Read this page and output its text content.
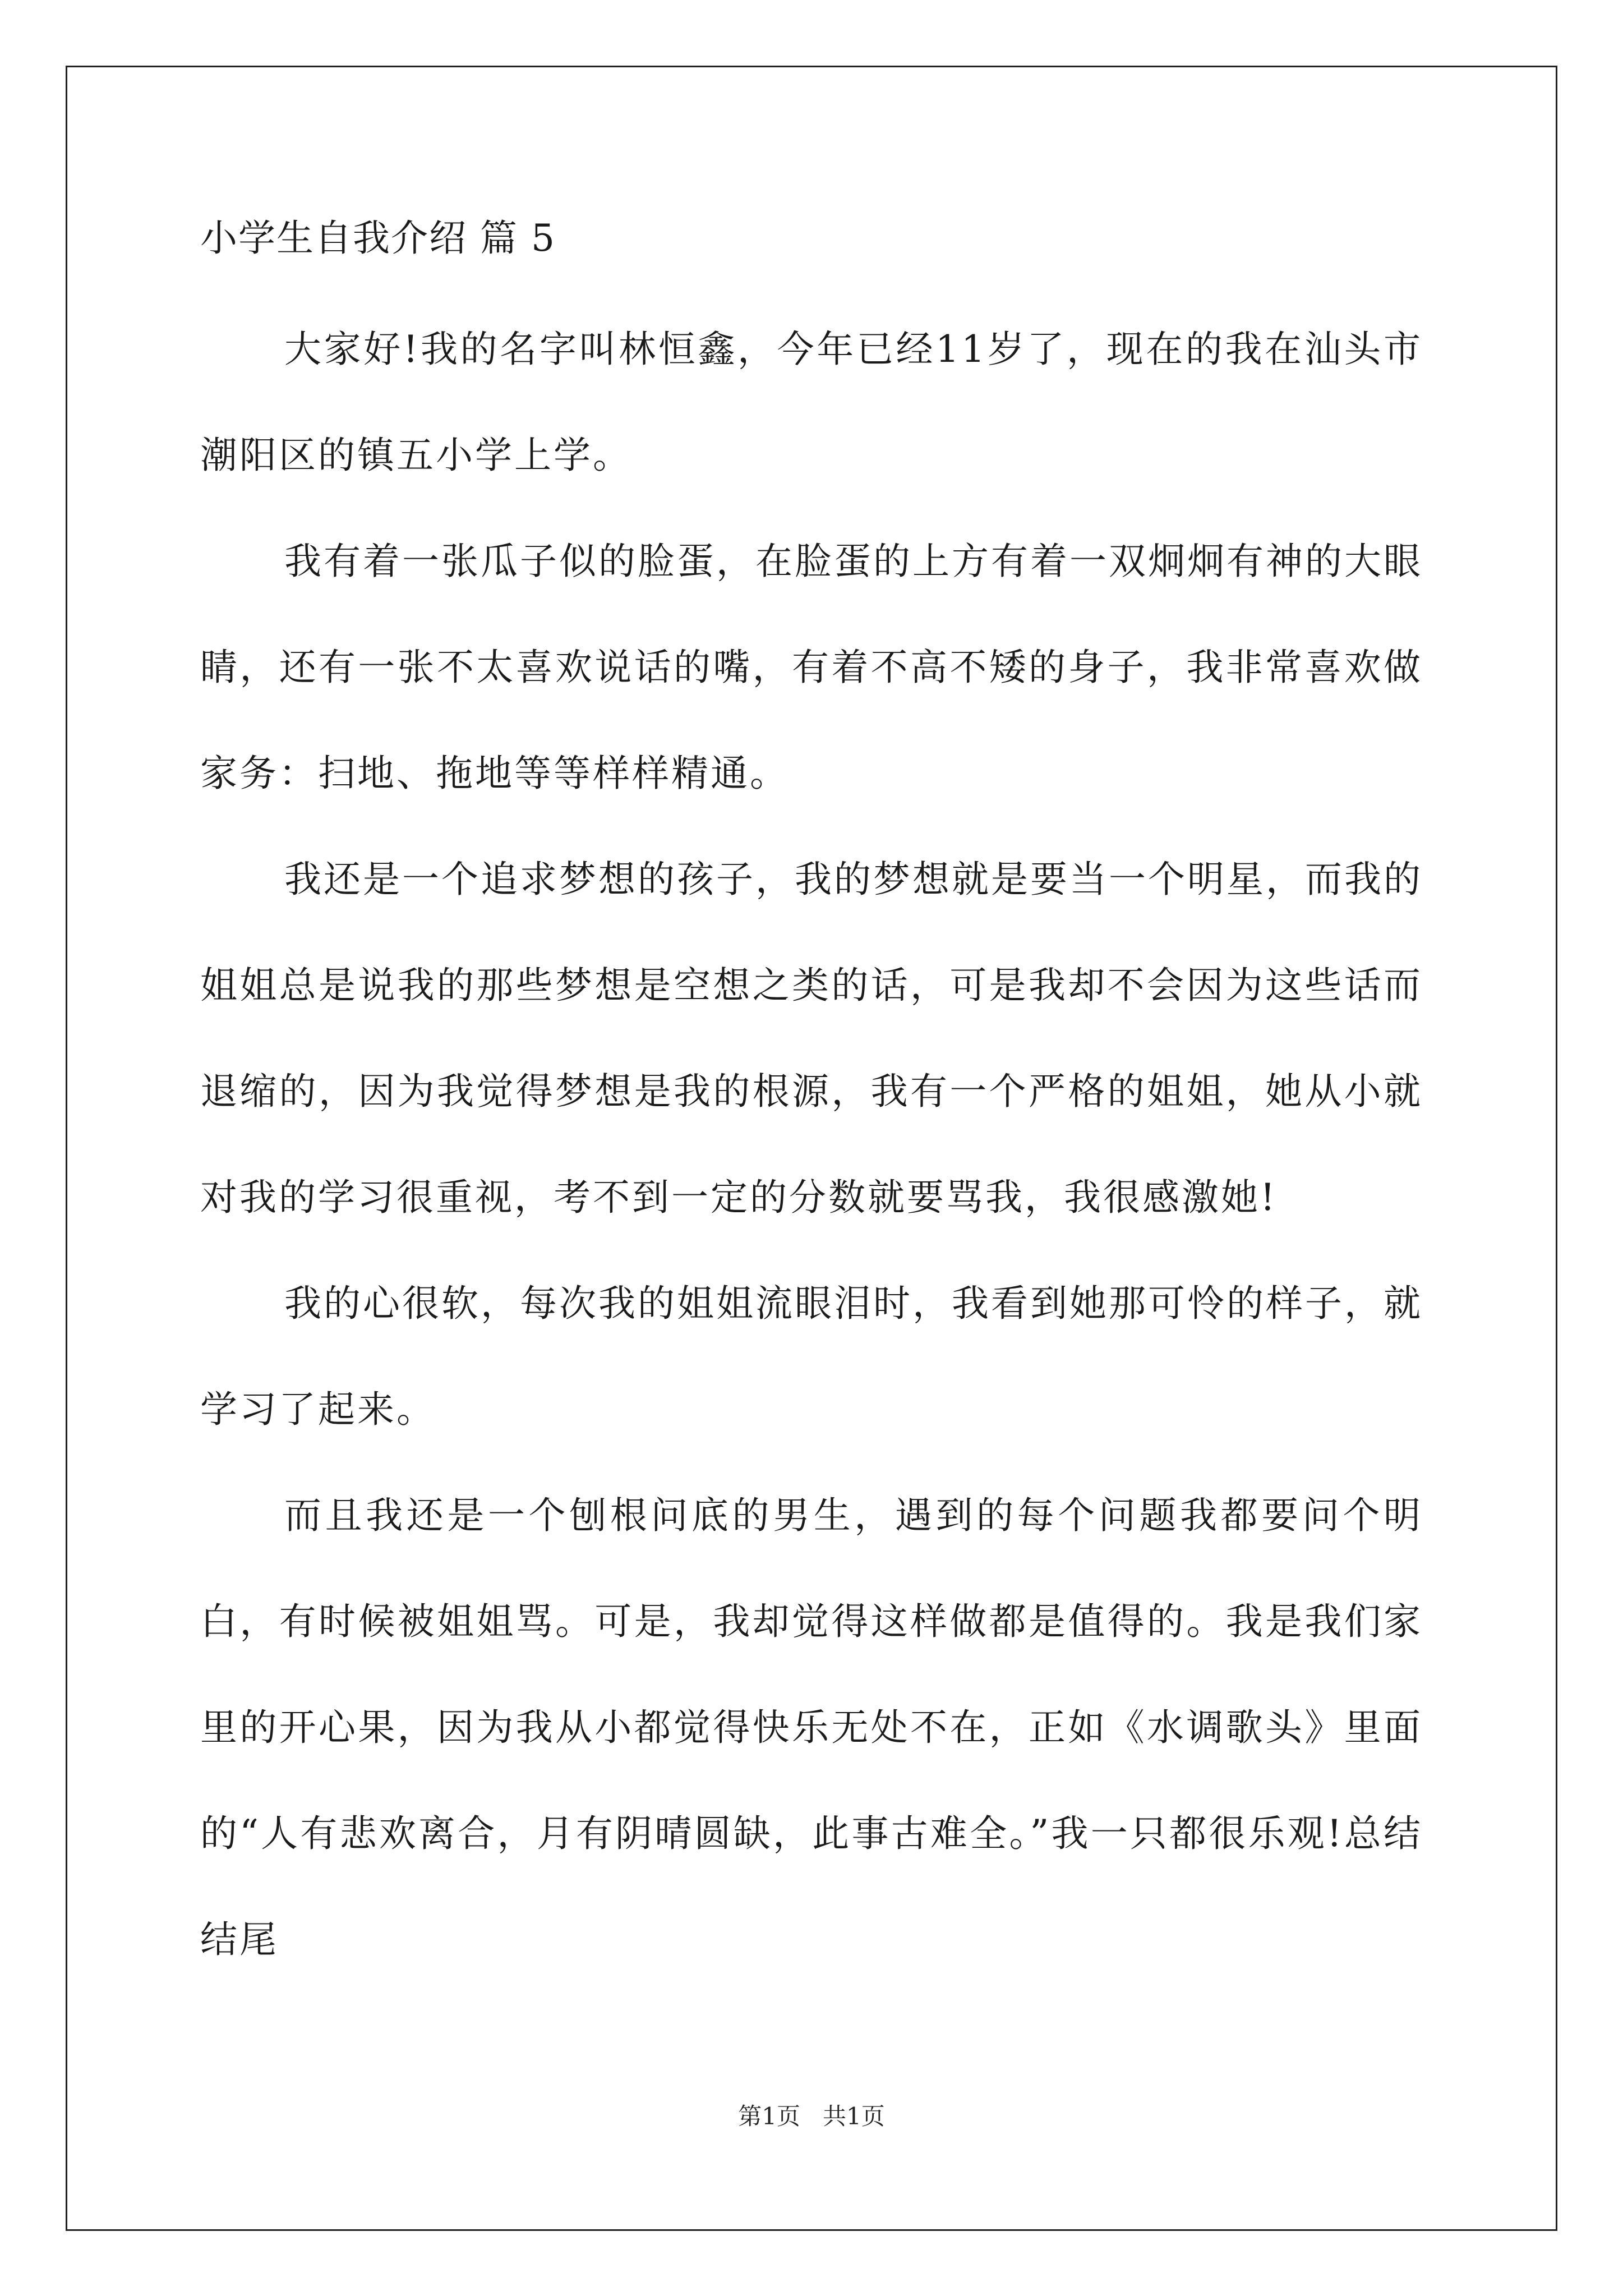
小学生自我介绍 篇 5

大家好!我的名字叫林恒鑫，今年已经11岁了，现在的我在汕头市潮阳区的镇五小学上学。

我有着一张瓜子似的脸蛋，在脸蛋的上方有着一双炯炯有神的大眼睛，还有一张不太喜欢说话的嘴，有着不高不矮的身子，我非常喜欢做家务：扫地、拖地等等样样精通。

我还是一个追求梦想的孩子，我的梦想就是要当一个明星，而我的姐姐总是说我的那些梦想是空想之类的话，可是我却不会因为这些话而退缩的，因为我觉得梦想是我的根源，我有一个严格的姐姐，她从小就对我的学习很重视，考不到一定的分数就要骂我，我很感激她!

我的心很软，每次我的姐姐流眼泪时，我看到她那可怜的样子，就学习了起来。

而且我还是一个刨根问底的男生，遇到的每个问题我都要问个明白，有时候被姐姐骂。可是，我却觉得这样做都是值得的。我是我们家里的开心果，因为我从小都觉得快乐无处不在，正如《水调歌头》里面的“人有悲欢离合，月有阴晴圆缺，此事古难全。”我一只都很乐观!总结结尾

第1页   共1页
